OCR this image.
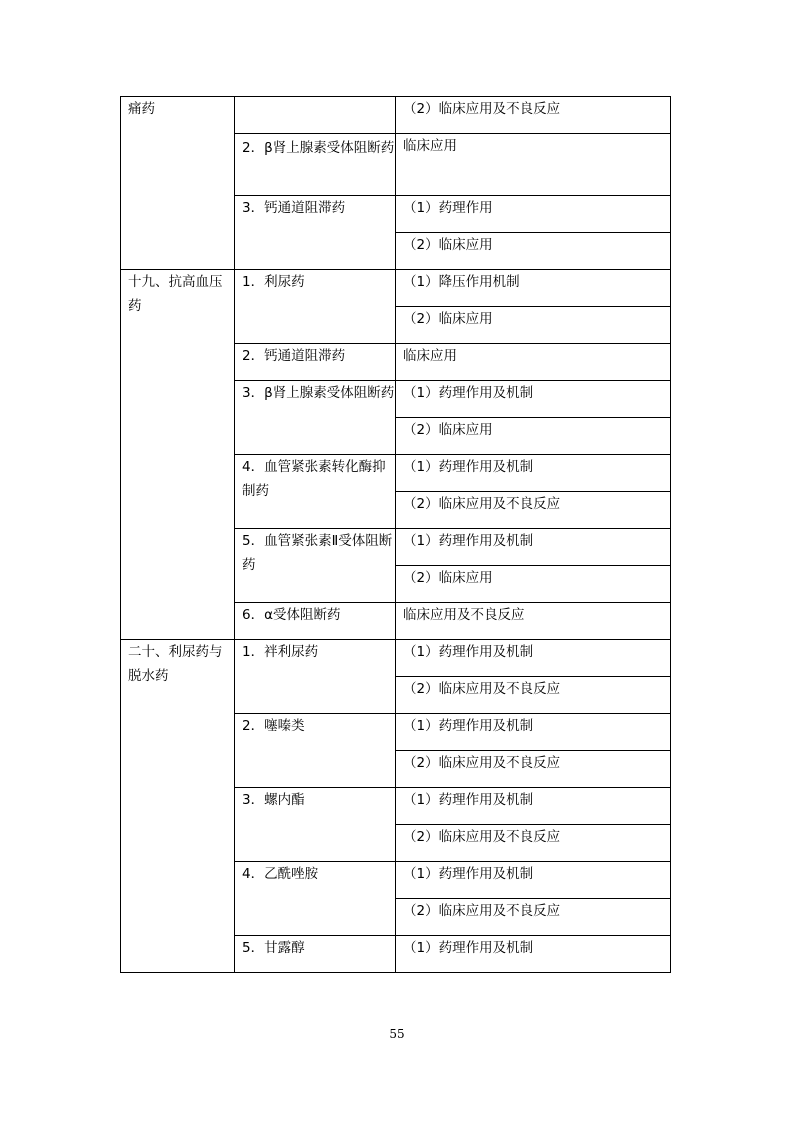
痛药		（2）临床应用及不良反应
	2．β肾上腺素受体阻断药	临床应用
	3．钙通道阻滞药	（1）药理作用
		（2）临床应用
十九、抗高血压药	1．利尿药	（1）降压作用机制
		（2）临床应用
	2．钙通道阻滞药	临床应用
	3．β肾上腺素受体阻断药	（1）药理作用及机制
		（2）临床应用
	4．血管紧张素转化酶抑制药	（1）药理作用及机制
		（2）临床应用及不良反应
	5．血管紧张素Ⅱ受体阻断药	（1）药理作用及机制
		（2）临床应用
	6．α受体阻断药	临床应用及不良反应
二十、利尿药与脱水药	1．袢利尿药	（1）药理作用及机制
		（2）临床应用及不良反应
	2．噻嗪类	（1）药理作用及机制
		（2）临床应用及不良反应
	3．螺内酯	（1）药理作用及机制
		（2）临床应用及不良反应
	4．乙酰唑胺	（1）药理作用及机制
		（2）临床应用及不良反应
	5．甘露醇	（1）药理作用及机制
55
